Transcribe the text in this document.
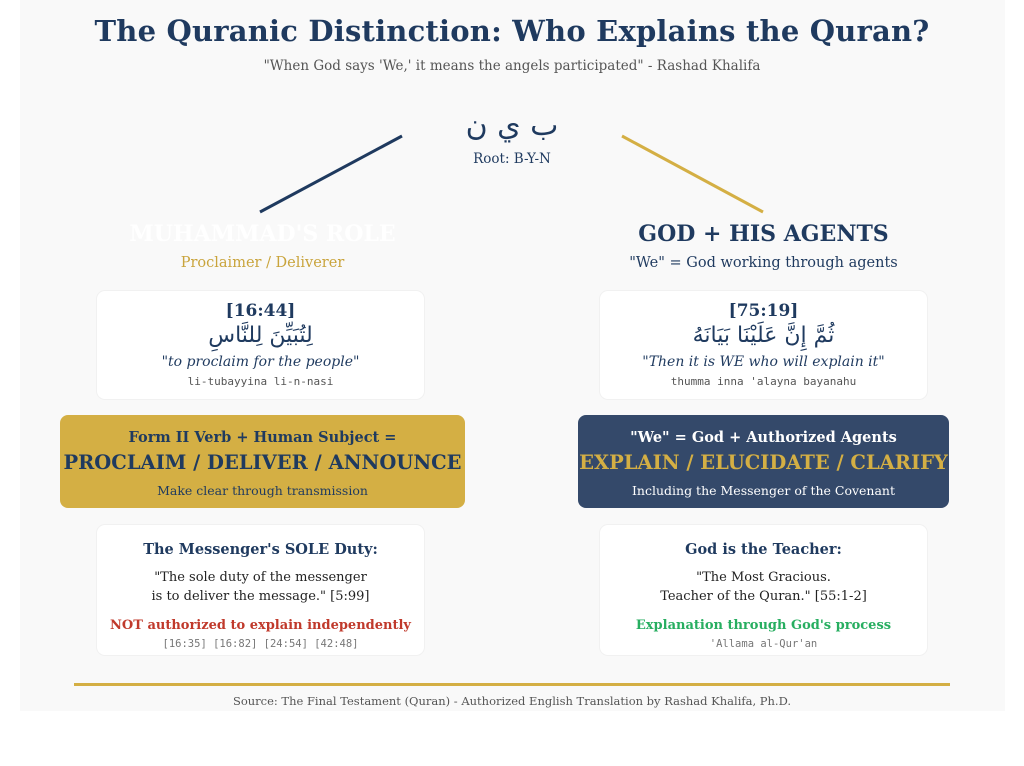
The Quranic Distinction: Who Explains the Quran?
"When God says 'We,' it means the angels participated" - Rashad Khalifa
ب ي ن
Root: B-Y-N
MUHAMMAD'S ROLE
Proclaimer / Deliverer
[16:44]
لِتُبَيِّنَ لِلنَّاسِ
"to proclaim for the people"
li-tubayyina li-n-nasi
Form II Verb + Human Subject =
PROCLAIM / DELIVER / ANNOUNCE
Make clear through transmission
The Messenger's SOLE Duty:
"The sole duty of the messenger
is to deliver the message." [5:99]
NOT authorized to explain independently
[16:35] [16:82] [24:54] [42:48]
GOD + HIS AGENTS
"We" = God working through agents
[75:19]
ثُمَّ إِنَّ عَلَيْنَا بَيَانَهُ
"Then it is WE who will explain it"
thumma inna 'alayna bayanahu
"We" = God + Authorized Agents
EXPLAIN / ELUCIDATE / CLARIFY
Including the Messenger of the Covenant
God is the Teacher:
"The Most Gracious.
Teacher of the Quran." [55:1-2]
Explanation through God's process
'Allama al-Qur'an
Source: The Final Testament (Quran) - Authorized English Translation by Rashad Khalifa, Ph.D.
